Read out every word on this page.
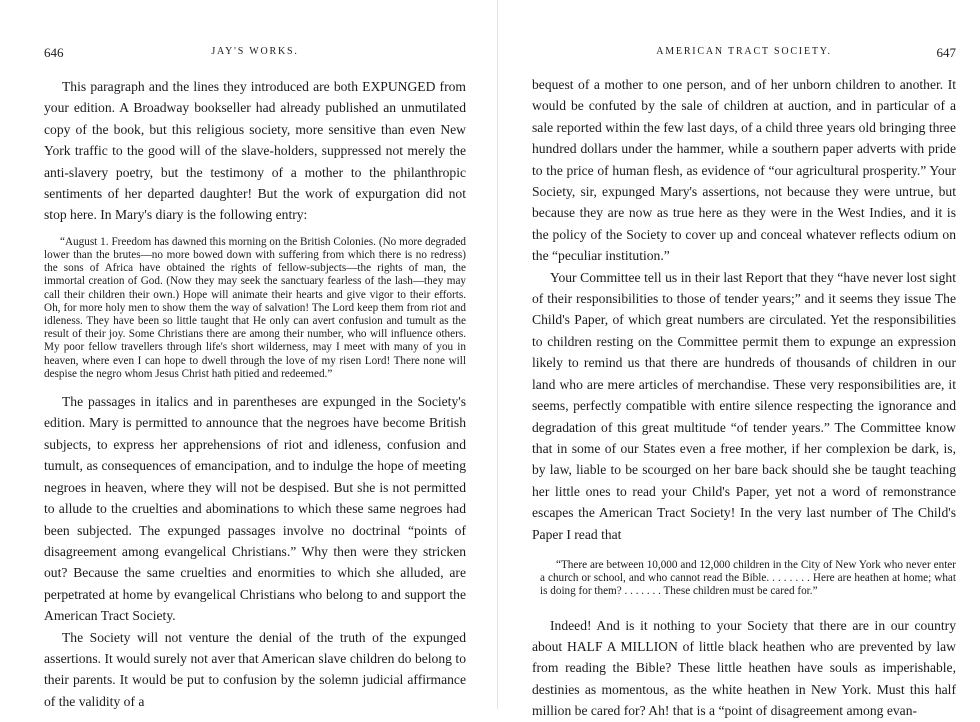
646	JAY'S WORKS.

This paragraph and the lines they introduced are both EXPUNGED from your edition. A Broadway bookseller had already published an unmutilated copy of the book, but this religious society, more sensitive than even New York traffic to the good will of the slave-holders, suppressed not merely the anti-slavery poetry, but the testimony of a mother to the philanthropic sentiments of her departed daughter! But the work of expurgation did not stop here. In Mary's diary is the following entry:

“August 1. Freedom has dawned this morning on the British Colonies. (No more degraded lower than the brutes—no more bowed down with suffering from which there is no redress) the sons of Africa have obtained the rights of fellow-subjects—the rights of man, the immortal creation of God. (Now they may seek the sanctuary fearless of the lash—they may call their children their own.) Hope will animate their hearts and give vigor to their efforts. Oh, for more holy men to show them the way of salvation! The Lord keep them from riot and idleness. They have been so little taught that He only can avert confusion and tumult as the result of their joy. Some Christians there are among their number, who will influence others. My poor fellow travellers through life's short wilderness, may I meet with many of you in heaven, where even I can hope to dwell through the love of my risen Lord! There none will despise the negro whom Jesus Christ hath pitied and redeemed.”

The passages in italics and in parentheses are expunged in the Society's edition. Mary is permitted to announce that the negroes have become British subjects, to express her apprehensions of riot and idleness, confusion and tumult, as consequences of emancipation, and to indulge the hope of meeting negroes in heaven, where they will not be despised. But she is not permitted to allude to the cruelties and abominations to which these same negroes had been subjected. The expunged passages involve no doctrinal “points of disagreement among evangelical Christians.” Why then were they stricken out? Because the same cruelties and enormities to which she alluded, are perpetrated at home by evangelical Christians who belong to and support the American Tract Society.

The Society will not venture the denial of the truth of the expunged assertions. It would surely not aver that American slave children do belong to their parents. It would be put to confusion by the solemn judicial affirmance of the validity of a

AMERICAN TRACT SOCIETY.	647

bequest of a mother to one person, and of her unborn children to another. It would be confuted by the sale of children at auction, and in particular of a sale reported within the few last days, of a child three years old bringing three hundred dollars under the hammer, while a southern paper adverts with pride to the price of human flesh, as evidence of “our agricultural prosperity.” Your Society, sir, expunged Mary's assertions, not because they were untrue, but because they are now as true here as they were in the West Indies, and it is the policy of the Society to cover up and conceal whatever reflects odium on the “peculiar institution.”

Your Committee tell us in their last Report that they “have never lost sight of their responsibilities to those of tender years;” and it seems they issue The Child's Paper, of which great numbers are circulated. Yet the responsibilities to children resting on the Committee permit them to expunge an expression likely to remind us that there are hundreds of thousands of children in our land who are mere articles of merchandise. These very responsibilities are, it seems, perfectly compatible with entire silence respecting the ignorance and degradation of this great multitude “of tender years.” The Committee know that in some of our States even a free mother, if her complexion be dark, is, by law, liable to be scourged on her bare back should she be taught teaching her little ones to read your Child's Paper, yet not a word of remonstrance escapes the American Tract Society! In the very last number of The Child's Paper I read that

“There are between 10,000 and 12,000 children in the City of New York who never enter a church or school, and who cannot read the Bible. . . . . . . . Here are heathen at home; what is doing for them? . . . . . . . These children must be cared for.”

Indeed! And is it nothing to your Society that there are in our country about HALF A MILLION of little black heathen who are prevented by law from reading the Bible? These little heathen have souls as imperishable, destinies as momentous, as the white heathen in New York. Must this half million be cared for? Ah! that is a “point of disagreement among evan-
